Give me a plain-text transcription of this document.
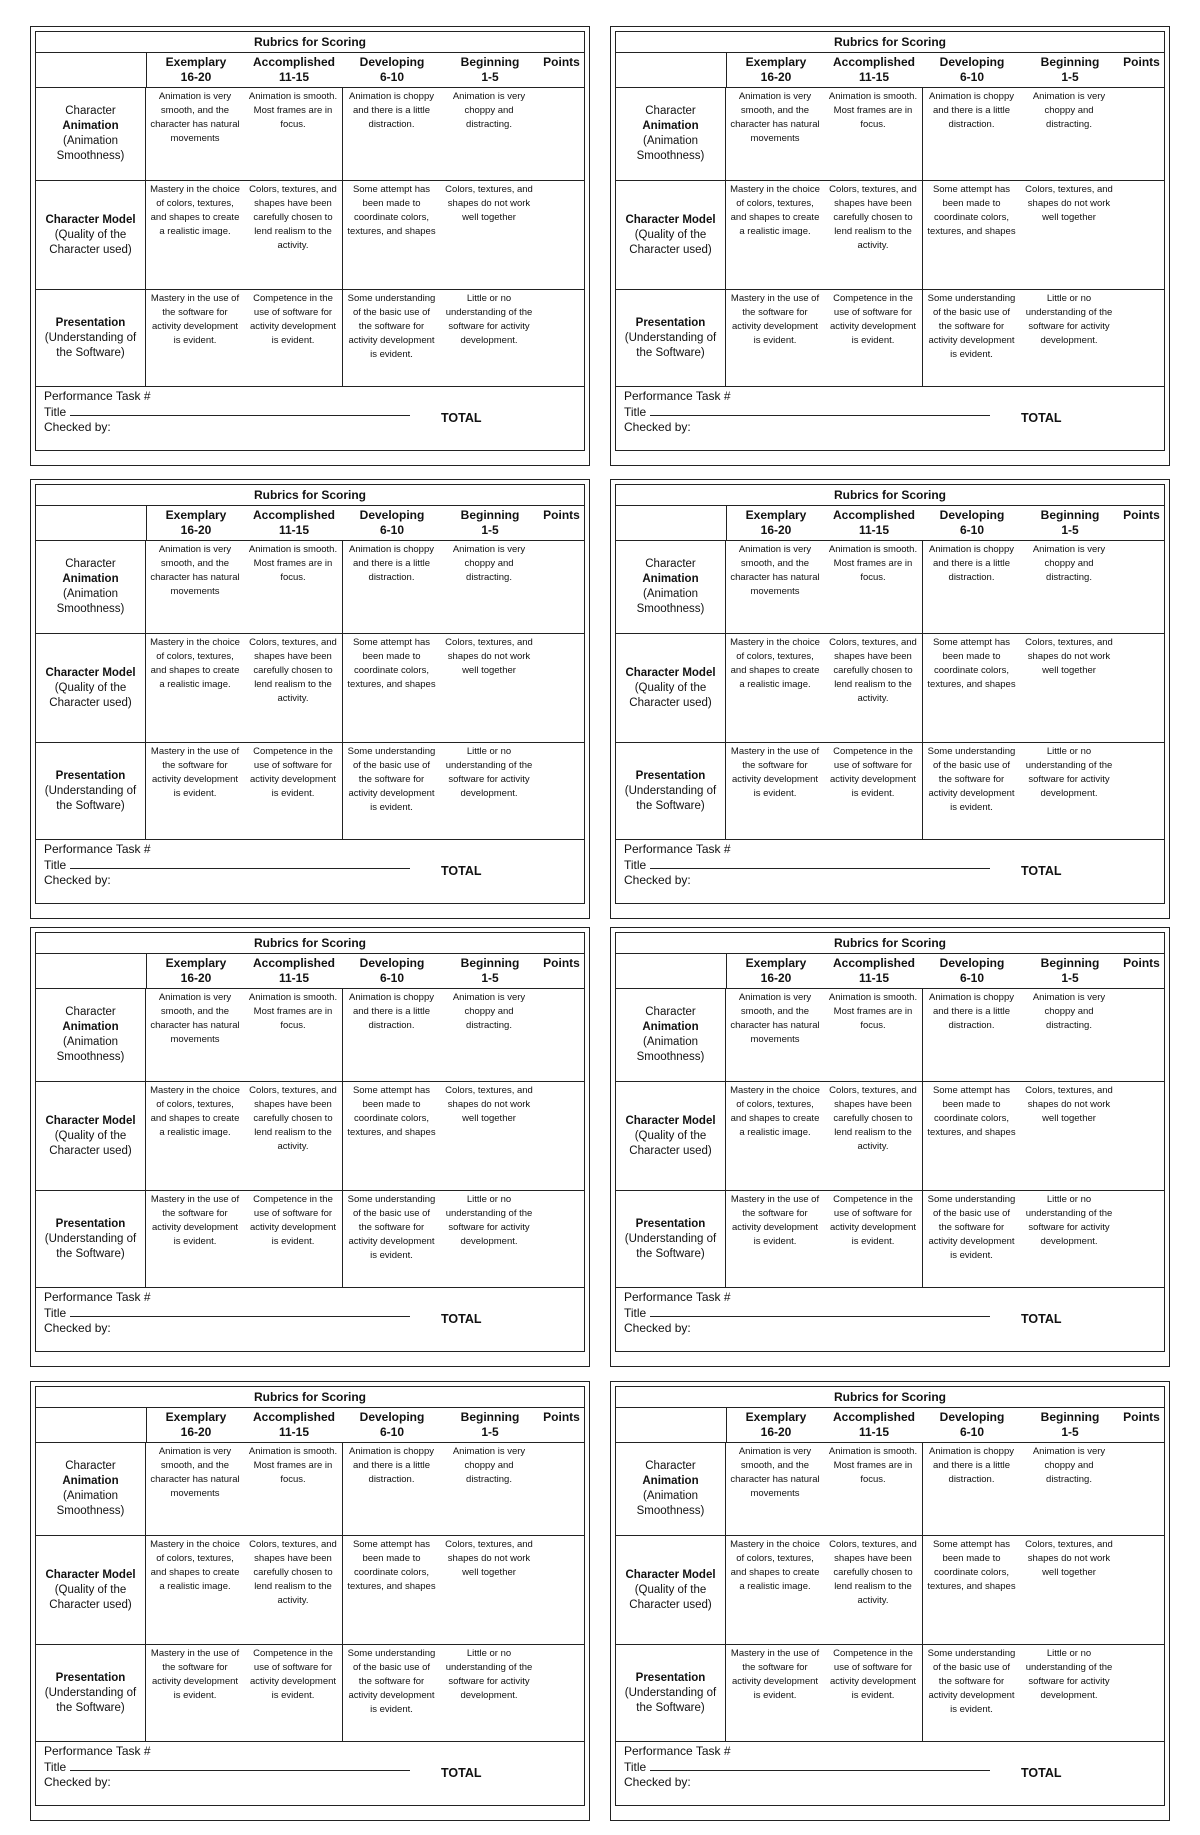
Rubrics for Scoring
Exemplary
16-20
Accomplished
11-15
Developing
6-10
Beginning
1-5
Points
Character
Animation
(Animation
Smoothness)
Animation is very smooth, and the character has natural movements
Animation is smooth. Most frames are in focus.
Animation is choppy and there is a little distraction.
Animation is very choppy and distracting.
Character Model
(Quality of the
Character used)
Mastery in the choice of colors, textures, and shapes to create a realistic image.
Colors, textures, and shapes have been carefully chosen to lend realism to the activity.
Some attempt has been made to coordinate colors, textures, and shapes
Colors, textures, and shapes do not work well together
Presentation
(Understanding of
the Software)
Mastery in the use of the software for activity development is evident.
Competence in the use of software for activity development is evident.
Some understanding of the basic use of the software for activity development is evident.
Little or no understanding of the software for activity development.
Performance Task #
Title
Checked by:
TOTAL
Rubrics for Scoring
Exemplary
16-20
Accomplished
11-15
Developing
6-10
Beginning
1-5
Points
Character
Animation
(Animation
Smoothness)
Animation is very smooth, and the character has natural movements
Animation is smooth. Most frames are in focus.
Animation is choppy and there is a little distraction.
Animation is very choppy and distracting.
Character Model
(Quality of the
Character used)
Mastery in the choice of colors, textures, and shapes to create a realistic image.
Colors, textures, and shapes have been carefully chosen to lend realism to the activity.
Some attempt has been made to coordinate colors, textures, and shapes
Colors, textures, and shapes do not work well together
Presentation
(Understanding of
the Software)
Mastery in the use of the software for activity development is evident.
Competence in the use of software for activity development is evident.
Some understanding of the basic use of the software for activity development is evident.
Little or no understanding of the software for activity development.
Performance Task #
Title
Checked by:
TOTAL
Rubrics for Scoring
Exemplary
16-20
Accomplished
11-15
Developing
6-10
Beginning
1-5
Points
Character
Animation
(Animation
Smoothness)
Animation is very smooth, and the character has natural movements
Animation is smooth. Most frames are in focus.
Animation is choppy and there is a little distraction.
Animation is very choppy and distracting.
Character Model
(Quality of the
Character used)
Mastery in the choice of colors, textures, and shapes to create a realistic image.
Colors, textures, and shapes have been carefully chosen to lend realism to the activity.
Some attempt has been made to coordinate colors, textures, and shapes
Colors, textures, and shapes do not work well together
Presentation
(Understanding of
the Software)
Mastery in the use of the software for activity development is evident.
Competence in the use of software for activity development is evident.
Some understanding of the basic use of the software for activity development is evident.
Little or no understanding of the software for activity development.
Performance Task #
Title
Checked by:
TOTAL
Rubrics for Scoring
Exemplary
16-20
Accomplished
11-15
Developing
6-10
Beginning
1-5
Points
Character
Animation
(Animation
Smoothness)
Animation is very smooth, and the character has natural movements
Animation is smooth. Most frames are in focus.
Animation is choppy and there is a little distraction.
Animation is very choppy and distracting.
Character Model
(Quality of the
Character used)
Mastery in the choice of colors, textures, and shapes to create a realistic image.
Colors, textures, and shapes have been carefully chosen to lend realism to the activity.
Some attempt has been made to coordinate colors, textures, and shapes
Colors, textures, and shapes do not work well together
Presentation
(Understanding of
the Software)
Mastery in the use of the software for activity development is evident.
Competence in the use of software for activity development is evident.
Some understanding of the basic use of the software for activity development is evident.
Little or no understanding of the software for activity development.
Performance Task #
Title
Checked by:
TOTAL
Rubrics for Scoring
Exemplary
16-20
Accomplished
11-15
Developing
6-10
Beginning
1-5
Points
Character
Animation
(Animation
Smoothness)
Animation is very smooth, and the character has natural movements
Animation is smooth. Most frames are in focus.
Animation is choppy and there is a little distraction.
Animation is very choppy and distracting.
Character Model
(Quality of the
Character used)
Mastery in the choice of colors, textures, and shapes to create a realistic image.
Colors, textures, and shapes have been carefully chosen to lend realism to the activity.
Some attempt has been made to coordinate colors, textures, and shapes
Colors, textures, and shapes do not work well together
Presentation
(Understanding of
the Software)
Mastery in the use of the software for activity development is evident.
Competence in the use of software for activity development is evident.
Some understanding of the basic use of the software for activity development is evident.
Little or no understanding of the software for activity development.
Performance Task #
Title
Checked by:
TOTAL
Rubrics for Scoring
Exemplary
16-20
Accomplished
11-15
Developing
6-10
Beginning
1-5
Points
Character
Animation
(Animation
Smoothness)
Animation is very smooth, and the character has natural movements
Animation is smooth. Most frames are in focus.
Animation is choppy and there is a little distraction.
Animation is very choppy and distracting.
Character Model
(Quality of the
Character used)
Mastery in the choice of colors, textures, and shapes to create a realistic image.
Colors, textures, and shapes have been carefully chosen to lend realism to the activity.
Some attempt has been made to coordinate colors, textures, and shapes
Colors, textures, and shapes do not work well together
Presentation
(Understanding of
the Software)
Mastery in the use of the software for activity development is evident.
Competence in the use of software for activity development is evident.
Some understanding of the basic use of the software for activity development is evident.
Little or no understanding of the software for activity development.
Performance Task #
Title
Checked by:
TOTAL
Rubrics for Scoring
Exemplary
16-20
Accomplished
11-15
Developing
6-10
Beginning
1-5
Points
Character
Animation
(Animation
Smoothness)
Animation is very smooth, and the character has natural movements
Animation is smooth. Most frames are in focus.
Animation is choppy and there is a little distraction.
Animation is very choppy and distracting.
Character Model
(Quality of the
Character used)
Mastery in the choice of colors, textures, and shapes to create a realistic image.
Colors, textures, and shapes have been carefully chosen to lend realism to the activity.
Some attempt has been made to coordinate colors, textures, and shapes
Colors, textures, and shapes do not work well together
Presentation
(Understanding of
the Software)
Mastery in the use of the software for activity development is evident.
Competence in the use of software for activity development is evident.
Some understanding of the basic use of the software for activity development is evident.
Little or no understanding of the software for activity development.
Performance Task #
Title
Checked by:
TOTAL
Rubrics for Scoring
Exemplary
16-20
Accomplished
11-15
Developing
6-10
Beginning
1-5
Points
Character
Animation
(Animation
Smoothness)
Animation is very smooth, and the character has natural movements
Animation is smooth. Most frames are in focus.
Animation is choppy and there is a little distraction.
Animation is very choppy and distracting.
Character Model
(Quality of the
Character used)
Mastery in the choice of colors, textures, and shapes to create a realistic image.
Colors, textures, and shapes have been carefully chosen to lend realism to the activity.
Some attempt has been made to coordinate colors, textures, and shapes
Colors, textures, and shapes do not work well together
Presentation
(Understanding of
the Software)
Mastery in the use of the software for activity development is evident.
Competence in the use of software for activity development is evident.
Some understanding of the basic use of the software for activity development is evident.
Little or no understanding of the software for activity development.
Performance Task #
Title
Checked by:
TOTAL
